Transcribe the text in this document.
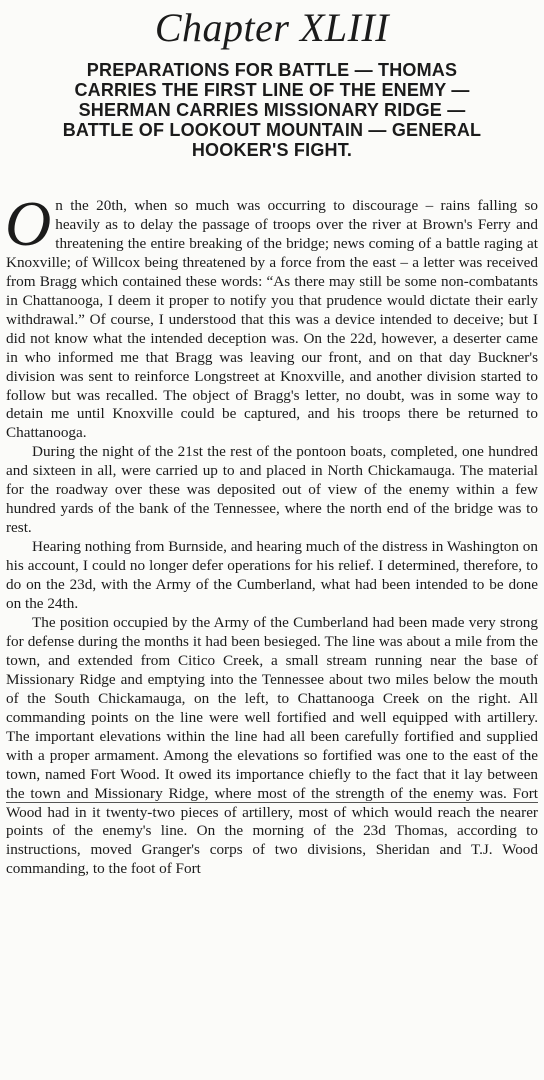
Chapter XLIII
PREPARATIONS FOR BATTLE — THOMAS
CARRIES THE FIRST LINE OF THE ENEMY —
SHERMAN CARRIES MISSIONARY RIDGE —
BATTLE OF LOOKOUT MOUNTAIN — GENERAL
HOOKER'S FIGHT.

On the 20th, when so much was occurring to discourage – rains falling so heavily as to delay the passage of troops over the river at Brown's Ferry and threatening the entire breaking of the bridge; news coming of a battle raging at Knoxville; of Willcox being threatened by a force from the east – a letter was received from Bragg which contained these words: “As there may still be some non-combatants in Chattanooga, I deem it proper to notify you that prudence would dictate their early withdrawal.” Of course, I understood that this was a device intended to deceive; but I did not know what the intended deception was. On the 22d, however, a deserter came in who informed me that Bragg was leaving our front, and on that day Buckner's division was sent to reinforce Longstreet at Knoxville, and another division started to follow but was recalled. The object of Bragg's letter, no doubt, was in some way to detain me until Knoxville could be captured, and his troops there be returned to Chattanooga.

During the night of the 21st the rest of the pontoon boats, completed, one hundred and sixteen in all, were carried up to and placed in North Chickamauga. The material for the roadway over these was deposited out of view of the enemy within a few hundred yards of the bank of the Tennessee, where the north end of the bridge was to rest.

Hearing nothing from Burnside, and hearing much of the distress in Washington on his account, I could no longer defer operations for his relief. I determined, therefore, to do on the 23d, with the Army of the Cumberland, what had been intended to be done on the 24th.

The position occupied by the Army of the Cumberland had been made very strong for defense during the months it had been besieged. The line was about a mile from the town, and extended from Citico Creek, a small stream running near the base of Missionary Ridge and emptying into the Tennessee about two miles below the mouth of the South Chickamauga, on the left, to Chattanooga Creek on the right. All commanding points on the line were well fortified and well equipped with artillery. The important elevations within the line had all been carefully fortified and supplied with a proper armament. Among the elevations so fortified was one to the east of the town, named Fort Wood. It owed its importance chiefly to the fact that it lay between the town and Missionary Ridge, where most of the strength of the enemy was. Fort Wood had in it twenty-two pieces of artillery, most of which would reach the nearer points of the enemy's line. On the morning of the 23d Thomas, according to instructions, moved Granger's corps of two divisions, Sheridan and T.J. Wood commanding, to the foot of Fort
